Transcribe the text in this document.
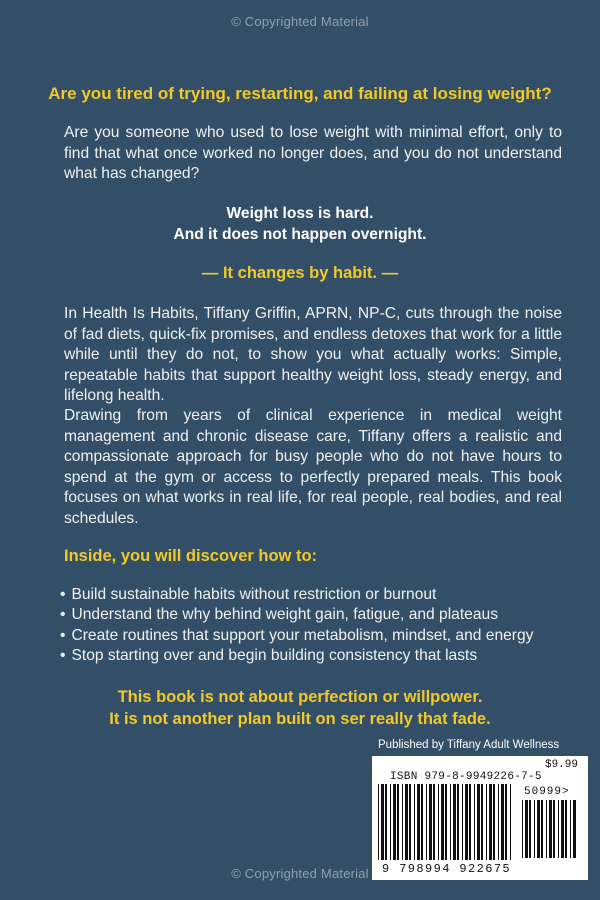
© Copyrighted Material
Are you tired of trying, restarting, and failing at losing weight?
Are you someone who used to lose weight with minimal effort, only to find that what once worked no longer does, and you do not understand what has changed?
Weight loss is hard.
And it does not happen overnight.
— It changes by habit. —
In Health Is Habits, Tiffany Griffin, APRN, NP-C, cuts through the noise of fad diets, quick-fix promises, and endless detoxes that work for a little while until they do not, to show you what actually works: Simple, repeatable habits that support healthy weight loss, steady energy, and lifelong health.
Drawing from years of clinical experience in medical weight management and chronic disease care, Tiffany offers a realistic and compassionate approach for busy people who do not have hours to spend at the gym or access to perfectly prepared meals. This book focuses on what works in real life, for real people, real bodies, and real schedules.
Inside, you will discover how to:
• Build sustainable habits without restriction or burnout
• Understand the why behind weight gain, fatigue, and plateaus
• Create routines that support your metabolism, mindset, and energy
• Stop starting over and begin building consistency that lasts
This book is not about perfection or willpower.
It is not another plan built on ser really that fade.
Published by Tiffany Adult Wellness
$9.99
ISBN 979-8-9949226-7-5
50999>
9 798994 922675
© Copyrighted Material
